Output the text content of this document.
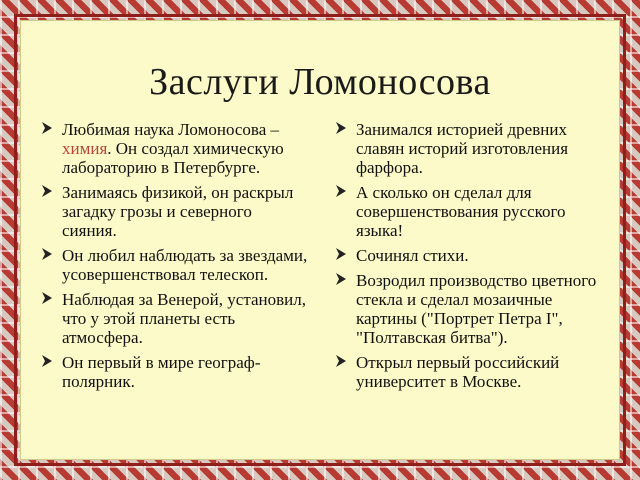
Заслуги Ломоносова
Любимая наука Ломоносова – химия. Он создал химическую лабораторию в Петербурге.
Занимаясь физикой, он раскрыл загадку грозы и северного сияния.
Он любил наблюдать за звездами, усовершенствовал телескоп.
Наблюдая за Венерой, установил, что у этой планеты есть атмосфера.
Он первый в мире географ-полярник.
Занимался историей древних славян историй изготовления фарфора.
А сколько он сделал для совершенствования русского языка!
Сочинял стихи.
Возродил производство цветного стекла и сделал мозаичные картины ("Портрет Петра I", "Полтавская битва").
Открыл первый российский университет в Москве.
